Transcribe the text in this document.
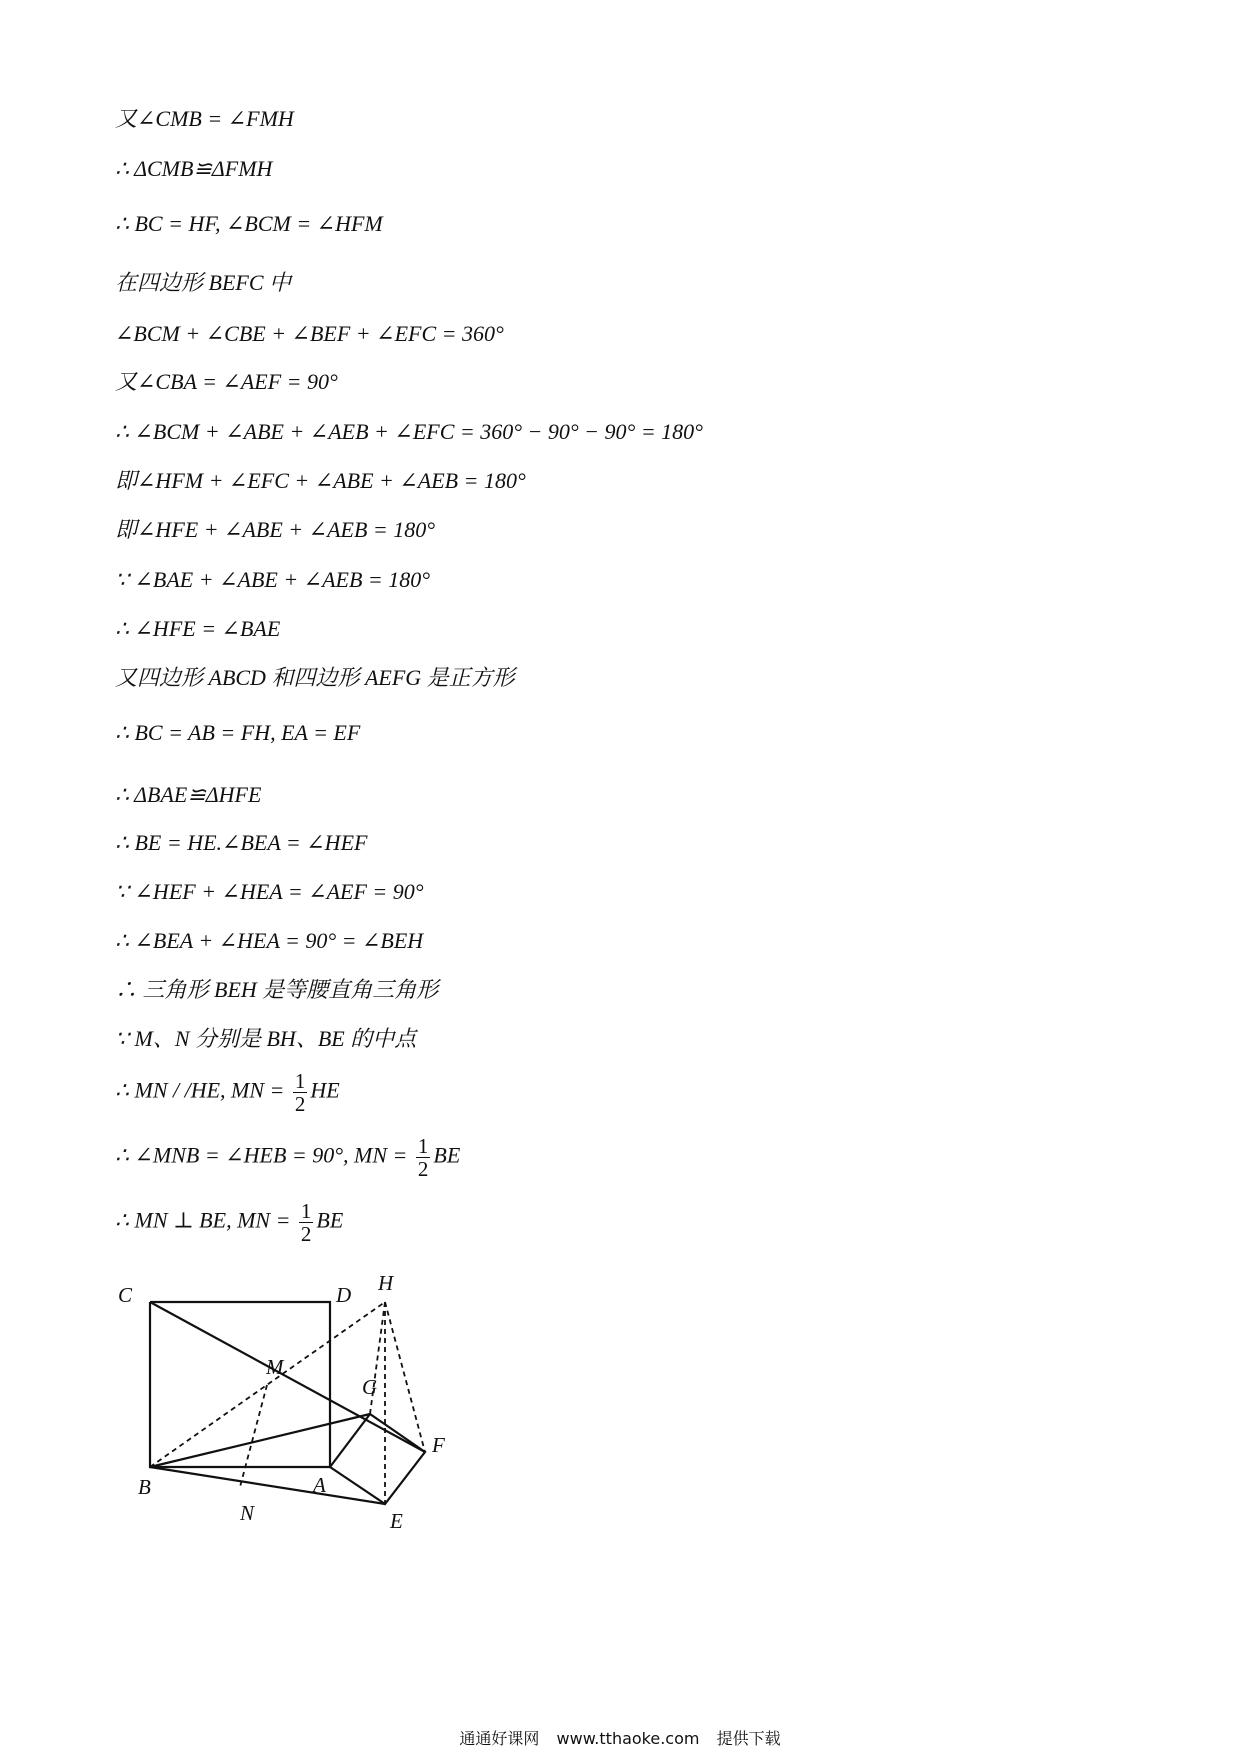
又∠CMB = ∠FMH
∴ ΔCMB≌ΔFMH
∴ BC = HF, ∠BCM = ∠HFM
在四边形 BEFC 中
∠BCM + ∠CBE + ∠BEF + ∠EFC = 360°
又∠CBA = ∠AEF = 90°
∴ ∠BCM + ∠ABE + ∠AEB + ∠EFC = 360° − 90° − 90° = 180°
即∠HFM + ∠EFC + ∠ABE + ∠AEB = 180°
即∠HFE + ∠ABE + ∠AEB = 180°
∵ ∠BAE + ∠ABE + ∠AEB = 180°
∴ ∠HFE = ∠BAE
又四边形 ABCD 和四边形 AEFG 是正方形
∴ BC = AB = FH, EA = EF
∴ ΔBAE≌ΔHFE
∴ BE = HE.∠BEA = ∠HEF
∵ ∠HEF + ∠HEA = ∠AEF = 90°
∴ ∠BEA + ∠HEA = 90° = ∠BEH
∴ 三角形 BEH 是等腰直角三角形
∵ M、N 分别是 BH、BE 的中点
∴ MN / /HE, MN = $\frac{1}{2}$ HE
∴ ∠MNB = ∠HEB = 90°, MN = $\frac{1}{2}$ BE
∴ MN ⊥ BE, MN = $\frac{1}{2}$ BE
C	D H
M
G
F
B	A
N	E
通通好课网 www.tthaoke.com 提供下载
